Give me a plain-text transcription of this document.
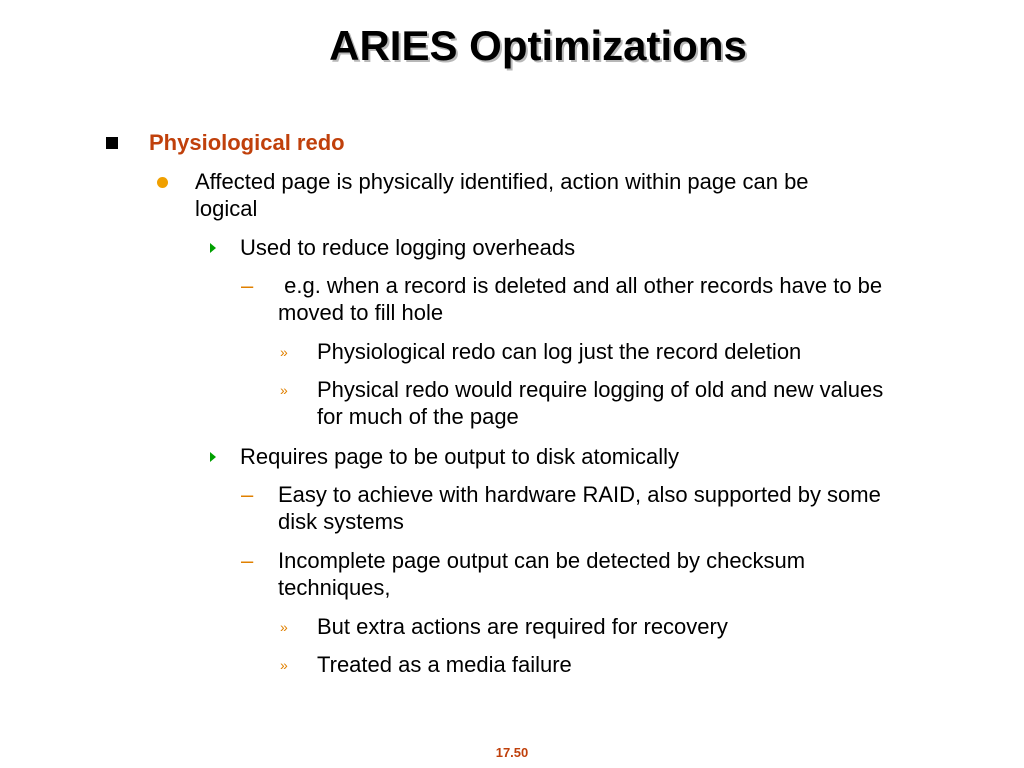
ARIES Optimizations
Physiological redo
Affected page is physically identified, action within page can be
logical
Used to reduce logging overheads
– e.g. when a record is deleted and all other records have to be
moved to fill hole
» Physiological redo can log just the record deletion
» Physical redo would require logging of old and new values
for much of the page
Requires page to be output to disk atomically
– Easy to achieve with hardware RAID, also supported by some
disk systems
– Incomplete page output can be detected by checksum
techniques,
» But extra actions are required for recovery
» Treated as a media failure
17.50
